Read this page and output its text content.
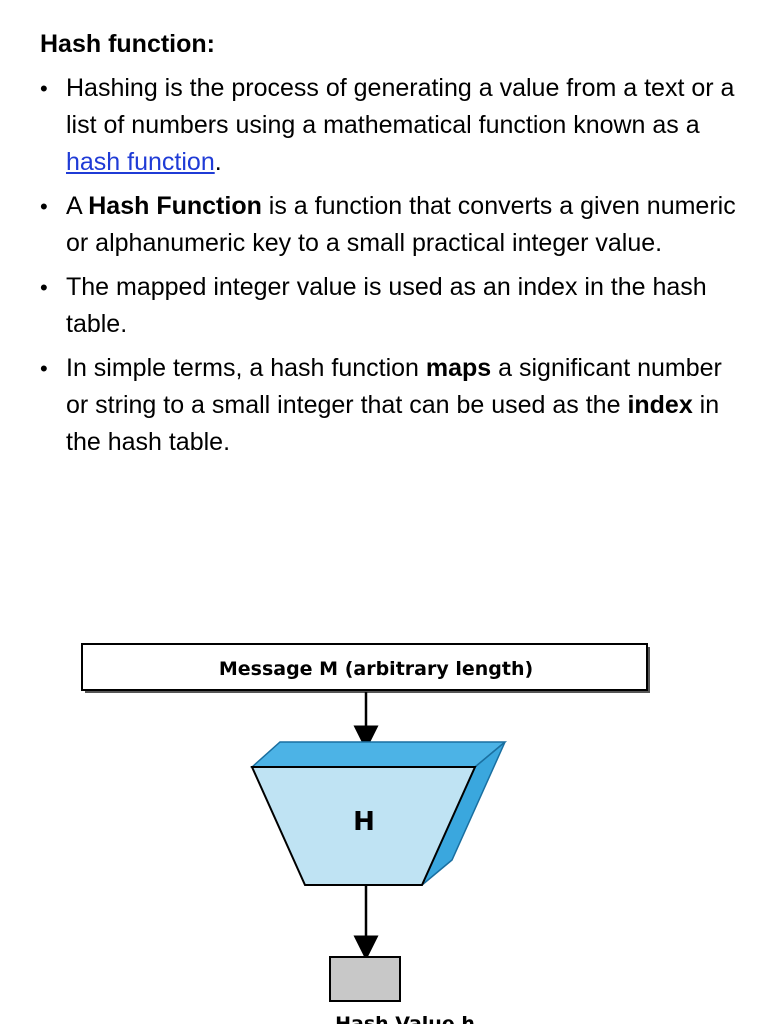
Hash function:
• Hashing is the process of generating a value from a text or a list of numbers using a mathematical function known as a hash function.
• A Hash Function is a function that converts a given numeric or alphanumeric key to a small practical integer value.
• The mapped integer value is used as an index in the hash table.
• In simple terms, a hash function maps a significant number or string to a small integer that can be used as the index in the hash table.
Message M (arbitrary length)
H
Hash Value h
